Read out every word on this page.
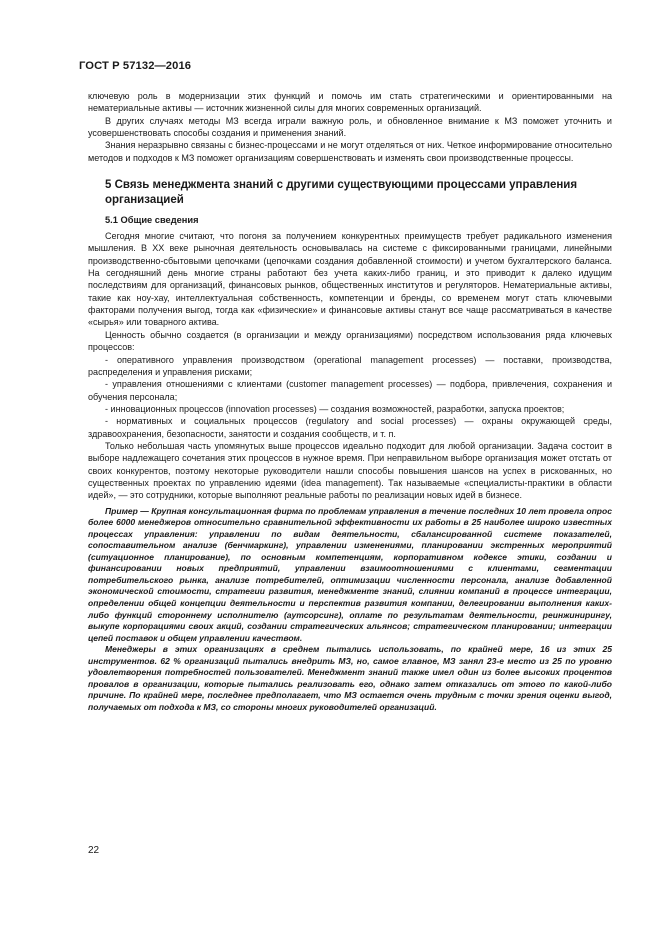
ГОСТ Р 57132—2016

ключевую роль в модернизации этих функций и помочь им стать стратегическими и ориентированными на нематериальные активы — источник жизненной силы для многих современных организаций.

В других случаях методы МЗ всегда играли важную роль, и обновленное внимание к МЗ поможет уточнить и усовершенствовать способы создания и применения знаний.

Знания неразрывно связаны с бизнес-процессами и не могут отделяться от них. Четкое информирование относительно методов и подходов к МЗ поможет организациям совершенствовать и изменять свои производственные процессы.

5 Связь менеджмента знаний с другими существующими процессами управления организацией
5.1 Общие сведения

Сегодня многие считают, что погоня за получением конкурентных преимуществ требует радикального изменения мышления. В XX веке рыночная деятельность основывалась на системе с фиксированными границами, линейными производственно-сбытовыми цепочками (цепочками создания добавленной стоимости) и учетом бухгалтерского баланса. На сегодняшний день многие страны работают без учета каких-либо границ, и это приводит к далеко идущим последствиям для организаций, финансовых рынков, общественных институтов и регуляторов. Нематериальные активы, такие как ноу-хау, интеллектуальная собственность, компетенции и бренды, со временем могут стать ключевыми факторами получения выгод, тогда как «физические» и финансовые активы станут все чаще рассматриваться в качестве «сырья» или товарного актива.

Ценность обычно создается (в организации и между организациями) посредством использования ряда ключевых процессов:

- оперативного управления производством (operational management processes) — поставки, производства, распределения и управления рисками;

- управления отношениями с клиентами (customer management processes) — подбора, привлечения, сохранения и обучения персонала;

- инновационных процессов (innovation processes) — создания возможностей, разработки, запуска проектов;

- нормативных и социальных процессов (regulatory and social processes) — охраны окружающей среды, здравоохранения, безопасности, занятости и создания сообществ, и т. п.

Только небольшая часть упомянутых выше процессов идеально подходит для любой организации. Задача состоит в выборе надлежащего сочетания этих процессов в нужное время. При неправильном выборе организация может отстать от своих конкурентов, поэтому некоторые руководители нашли способы повышения шансов на успех в рискованных, но существенных проектах по управлению идеями (idea management). Так называемые «специалисты-практики в области идей», — это сотрудники, которые выполняют реальные работы по реализации новых идей в бизнесе.

Пример — Крупная консультационная фирма по проблемам управления в течение последних 10 лет провела опрос более 6000 менеджеров относительно сравнительной эффективности их работы в 25 наиболее широко известных процессах управления: управлении по видам деятельности, сбалансированной системе показателей, сопоставительном анализе (бенчмаркинг), управлении изменениями, планировании экстренных мероприятий (ситуационное планирование), по основным компетенциям, корпоративном кодексе этики, создании и финансировании новых предприятий, управлении взаимоотношениями с клиентами, сегментации потребительского рынка, анализе потребителей, оптимизации численности персонала, анализе добавленной экономической стоимости, стратегии развития, менеджменте знаний, слиянии компаний в процессе интеграции, определении общей концепции деятельности и перспектив развития компании, делегировании выполнения каких-либо функций стороннему исполнителю (аутсорсинг), оплате по результатам деятельности, реинжинирингу, выкупе корпорациями своих акций, создании стратегических альянсов; стратегическом планировании; интеграции цепей поставок и общем управлении качеством.

Менеджеры в этих организациях в среднем пытались использовать, по крайней мере, 16 из этих 25 инструментов. 62 % организаций пытались внедрить МЗ, но, самое главное, МЗ занял 23-е место из 25 по уровню удовлетворения потребностей пользователей. Менеджмент знаний также имел один из более высоких процентов провалов в организации, которые пытались реализовать его, однако затем отказались от этого по какой-либо причине. По крайней мере, последнее предполагает, что МЗ остается очень трудным с точки зрения оценки выгод, получаемых от подхода к МЗ, со стороны многих руководителей организаций.

22
